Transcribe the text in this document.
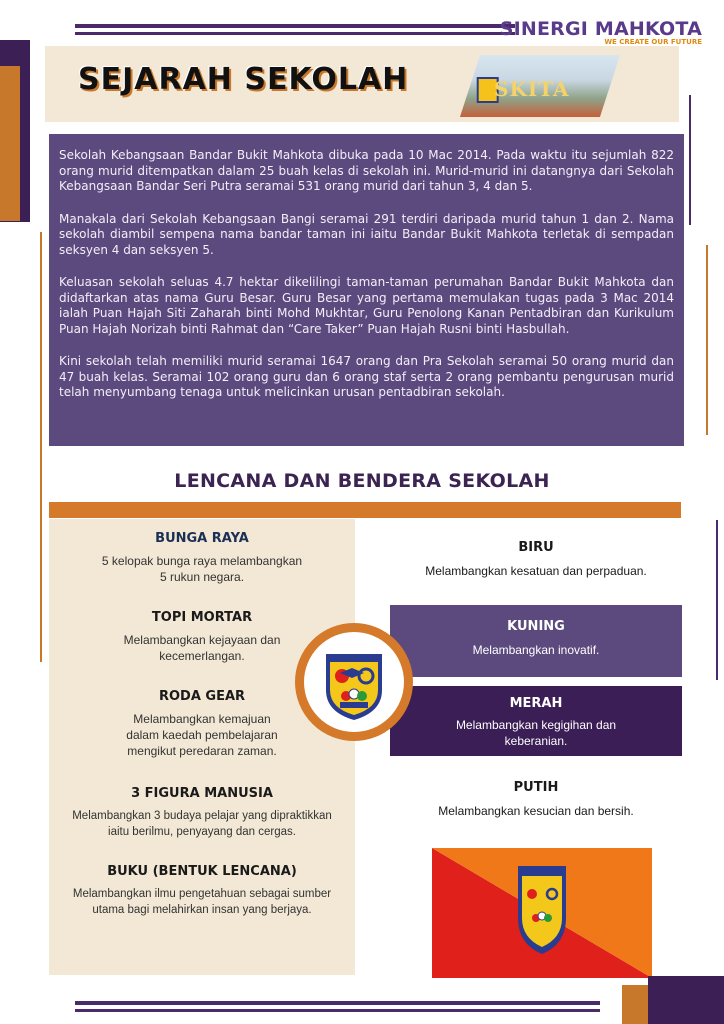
SINERGI MAHKOTA
WE CREATE OUR FUTURE
SEJARAH SEKOLAH	SKITA

Sekolah Kebangsaan Bandar Bukit Mahkota dibuka pada 10 Mac 2014. Pada waktu itu sejumlah 822 orang murid ditempatkan dalam 25 buah kelas di sekolah ini. Murid-murid ini datangnya dari Sekolah Kebangsaan Bandar Seri Putra seramai 531 orang murid dari tahun 3, 4 dan 5.

Manakala dari Sekolah Kebangsaan Bangi seramai 291 terdiri daripada murid tahun 1 dan 2. Nama sekolah diambil sempena nama bandar taman ini iaitu Bandar Bukit Mahkota terletak di sempadan seksyen 4 dan seksyen 5.

Keluasan sekolah seluas 4.7 hektar dikelilingi taman-taman perumahan Bandar Bukit Mahkota dan didaftarkan atas nama Guru Besar. Guru Besar yang pertama memulakan tugas pada 3 Mac 2014 ialah Puan Hajah Siti Zaharah binti Mohd Mukhtar, Guru Penolong Kanan Pentadbiran dan Kurikulum Puan Hajah Norizah binti Rahmat dan “Care Taker” Puan Hajah Rusni binti Hasbullah.

Kini sekolah telah memiliki murid seramai 1647 orang dan Pra Sekolah seramai 50 orang murid dan 47 buah kelas. Seramai 102 orang guru dan 6 orang staf serta 2 orang pembantu pengurusan murid telah menyumbang tenaga untuk melicinkan urusan pentadbiran sekolah.

LENCANA DAN BENDERA SEKOLAH
BUNGA RAYA
5 kelopak bunga raya melambangkan
5 rukun negara.
TOPI MORTAR
Melambangkan kejayaan dan
kecemerlangan.
RODA GEAR
Melambangkan kemajuan
dalam kaedah pembelajaran
mengikut peredaran zaman.
3 FIGURA MANUSIA
Melambangkan 3 budaya pelajar yang dipraktikkan
iaitu berilmu, penyayang dan cergas.
BUKU (BENTUK LENCANA)
Melambangkan ilmu pengetahuan sebagai sumber
utama bagi melahirkan insan yang berjaya.
BIRU
Melambangkan kesatuan dan perpaduan.
KUNING
Melambangkan inovatif.
MERAH
Melambangkan kegigihan dan
keberanian.
PUTIH
Melambangkan kesucian dan bersih.
